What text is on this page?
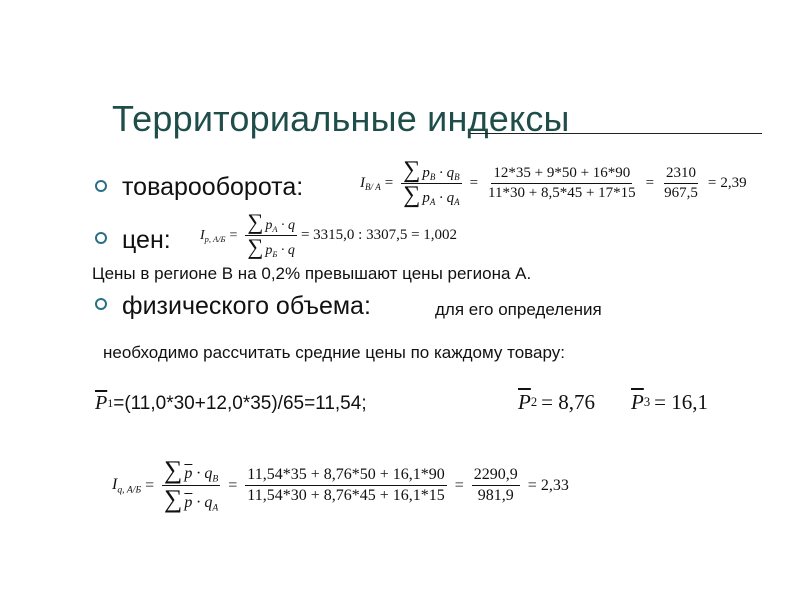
Территориальные индексы
товарооборота:	$I_{В/ А} = \frac{\sum p_В \cdot q_В}{\sum p_А \cdot q_А} = \frac{12*35 + 9*50 + 16*90}{11*30 + 8,5*45 + 17*15} = \frac{2310}{967,5} = 2,39$
цен: $I_{p, А/Б} = \frac{\sum p_А \cdot q}{\sum p_Б \cdot q} = 3315,0$ : 3307,5 = 1,002
Цены в регионе В на 0,2% превышают цены региона А.
физического объема:	для его определения
необходимо рассчитать средние цены по каждому товару:
$\overline{P}$ 1 =(11,0*30+12,0*35)/65=11,54;	$\overline{P}$ 2 = 8,76 $\overline{P}$ 3 = 16,1
$I_{q, А/Б} = \frac{\sum \overline{p} \cdot q_В}{\sum \overline{p} \cdot q_А} = \frac{11,54*35 + 8,76*50 + 16,1*90}{11,54*30 + 8,76*45 + 16,1*15} = \frac{2290,9}{981,9} = 2,33$
